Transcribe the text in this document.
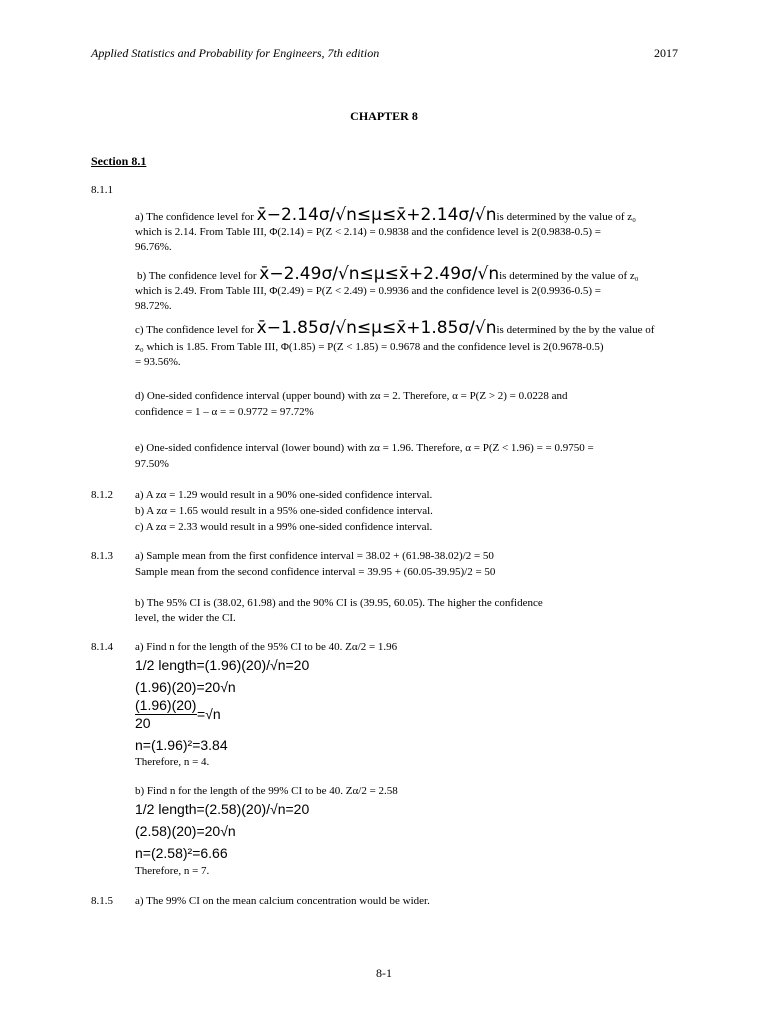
Applied Statistics and Probability for Engineers, 7th edition	2017
CHAPTER 8
Section 8.1
8.1.1
a) The confidence level for x̄−2.14σ/√n≤μ≤x̄+2.14σ/√nis determined by the value of z₀
which is 2.14. From Table III, Φ(2.14) = P(Z < 2.14) = 0.9838 and the confidence level is 2(0.9838-0.5) =
96.76%.
b) The confidence level for x̄−2.49σ/√n≤μ≤x̄+2.49σ/√nis determined by the value of z₀
which is 2.49. From Table III, Φ(2.49) = P(Z < 2.49) = 0.9936 and the confidence level is 2(0.9936-0.5) =
98.72%.
c) The confidence level for x̄−1.85σ/√n≤μ≤x̄+1.85σ/√nis determined by the by the value of
z₀ which is 1.85. From Table III, Φ(1.85) = P(Z < 1.85) = 0.9678 and the confidence level is 2(0.9678-0.5)
= 93.56%.
d) One-sided confidence interval (upper bound) with zα = 2. Therefore, α = P(Z > 2) = 0.0228 and
confidence = 1 – α = = 0.9772 = 97.72%
e) One-sided confidence interval (lower bound) with zα = 1.96. Therefore, α = P(Z < 1.96) = = 0.9750 =
97.50%
8.1.2 a) A zα = 1.29 would result in a 90% one-sided confidence interval.
b) A zα = 1.65 would result in a 95% one-sided confidence interval.
c) A zα = 2.33 would result in a 99% one-sided confidence interval.
8.1.3 a) Sample mean from the first confidence interval = 38.02 + (61.98-38.02)/2 = 50
Sample mean from the second confidence interval = 39.95 + (60.05-39.95)/2 = 50
b) The 95% CI is (38.02, 61.98) and the 90% CI is (39.95, 60.05). The higher the confidence
level, the wider the CI.
8.1.4 a) Find n for the length of the 95% CI to be 40. Zα/2 = 1.96
1/2 length=(1.96)(20)/√n=20
(1.96)(20)=20√n
(1.96)(20)
=√n
20
n=(1.96)²=3.84
Therefore, n = 4.
b) Find n for the length of the 99% CI to be 40. Zα/2 = 2.58
1/2 length=(2.58)(20)/√n=20
(2.58)(20)=20√n
n=(2.58)²=6.66
Therefore, n = 7.
8.1.5 a) The 99% CI on the mean calcium concentration would be wider.
8-1
